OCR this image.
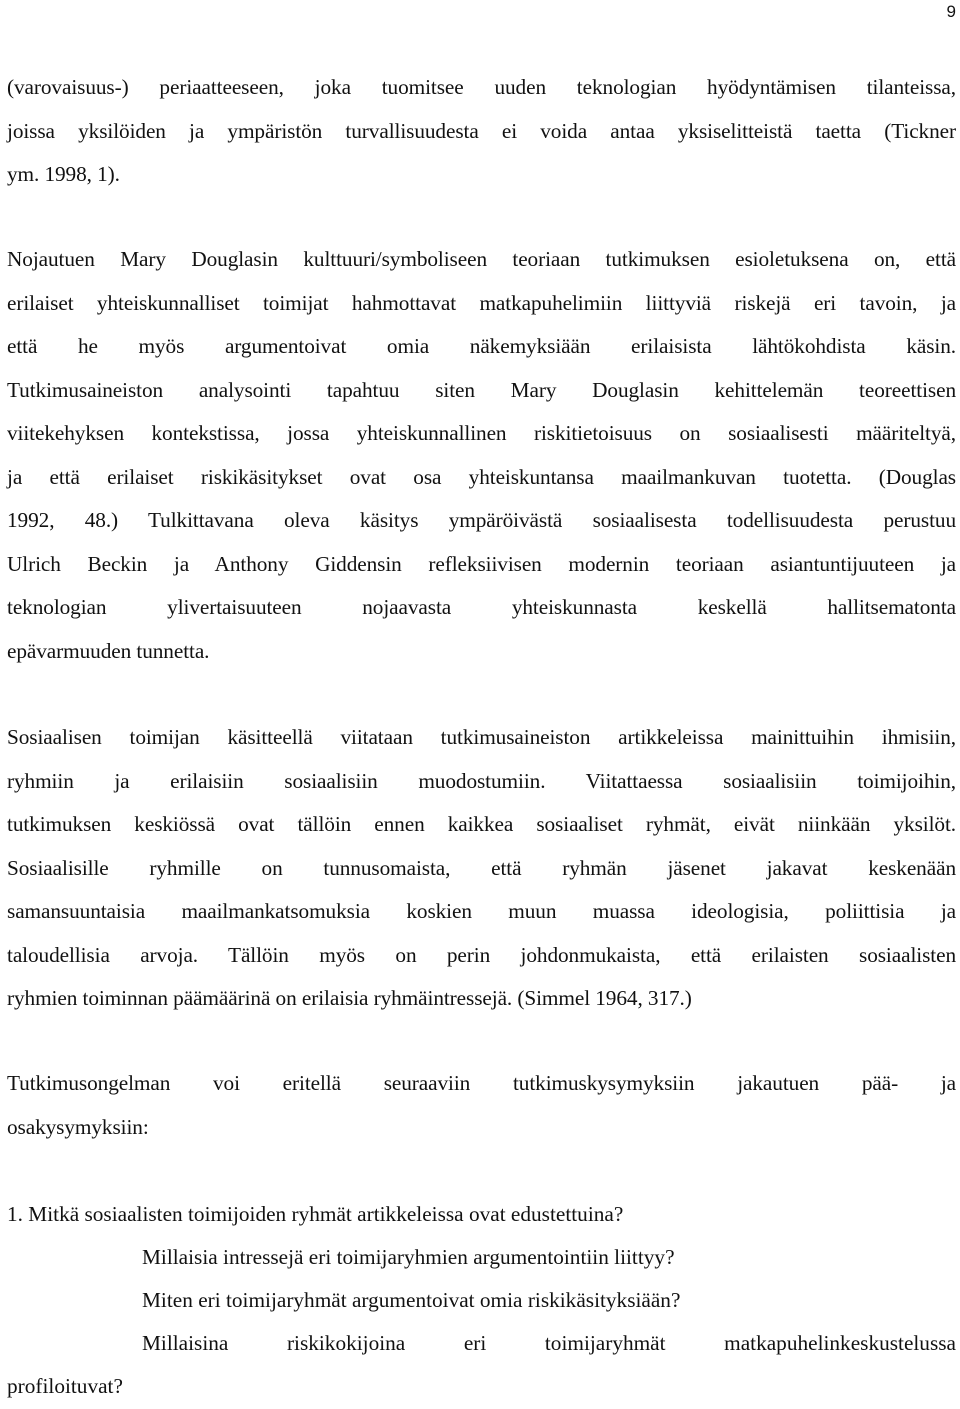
9
(varovaisuus-) periaatteeseen, joka tuomitsee uuden teknologian hyödyntämisen tilanteissa,
joissa yksilöiden ja ympäristön turvallisuudesta ei voida antaa yksiselitteistä taetta (Tickner
ym. 1998, 1).
Nojautuen Mary Douglasin kulttuuri/symboliseen teoriaan tutkimuksen esioletuksena on, että
erilaiset yhteiskunnalliset toimijat hahmottavat matkapuhelimiin liittyviä riskejä eri tavoin, ja
että he myös argumentoivat omia näkemyksiään erilaisista lähtökohdista käsin.
Tutkimusaineiston analysointi tapahtuu siten Mary Douglasin kehittelemän teoreettisen
viitekehyksen kontekstissa, jossa yhteiskunnallinen riskitietoisuus on sosiaalisesti määriteltyä,
ja että erilaiset riskikäsitykset ovat osa yhteiskuntansa maailmankuvan tuotetta. (Douglas
1992, 48.) Tulkittavana oleva käsitys ympäröivästä sosiaalisesta todellisuudesta perustuu
Ulrich Beckin ja Anthony Giddensin refleksiivisen modernin teoriaan asiantuntijuuteen ja
teknologian ylivertaisuuteen nojaavasta yhteiskunnasta keskellä hallitsematonta
epävarmuuden tunnetta.
Sosiaalisen toimijan käsitteellä viitataan tutkimusaineiston artikkeleissa mainittuihin ihmisiin,
ryhmiin ja erilaisiin sosiaalisiin muodostumiin. Viitattaessa sosiaalisiin toimijoihin,
tutkimuksen keskiössä ovat tällöin ennen kaikkea sosiaaliset ryhmät, eivät niinkään yksilöt.
Sosiaalisille ryhmille on tunnusomaista, että ryhmän jäsenet jakavat keskenään
samansuuntaisia maailmankatsomuksia koskien muun muassa ideologisia, poliittisia ja
taloudellisia arvoja. Tällöin myös on perin johdonmukaista, että erilaisten sosiaalisten
ryhmien toiminnan päämäärinä on erilaisia ryhmäintressejä. (Simmel 1964, 317.)
Tutkimusongelman voi eritellä seuraaviin tutkimuskysymyksiin jakautuen pää- ja
osakysymyksiin:
1. Mitkä sosiaalisten toimijoiden ryhmät artikkeleissa ovat edustettuina?
Millaisia intressejä eri toimijaryhmien argumentointiin liittyy?
Miten eri toimijaryhmät argumentoivat omia riskikäsityksiään?
Millaisina riskikokijoina eri toimijaryhmät matkapuhelinkeskustelussa
profiloituvat?
